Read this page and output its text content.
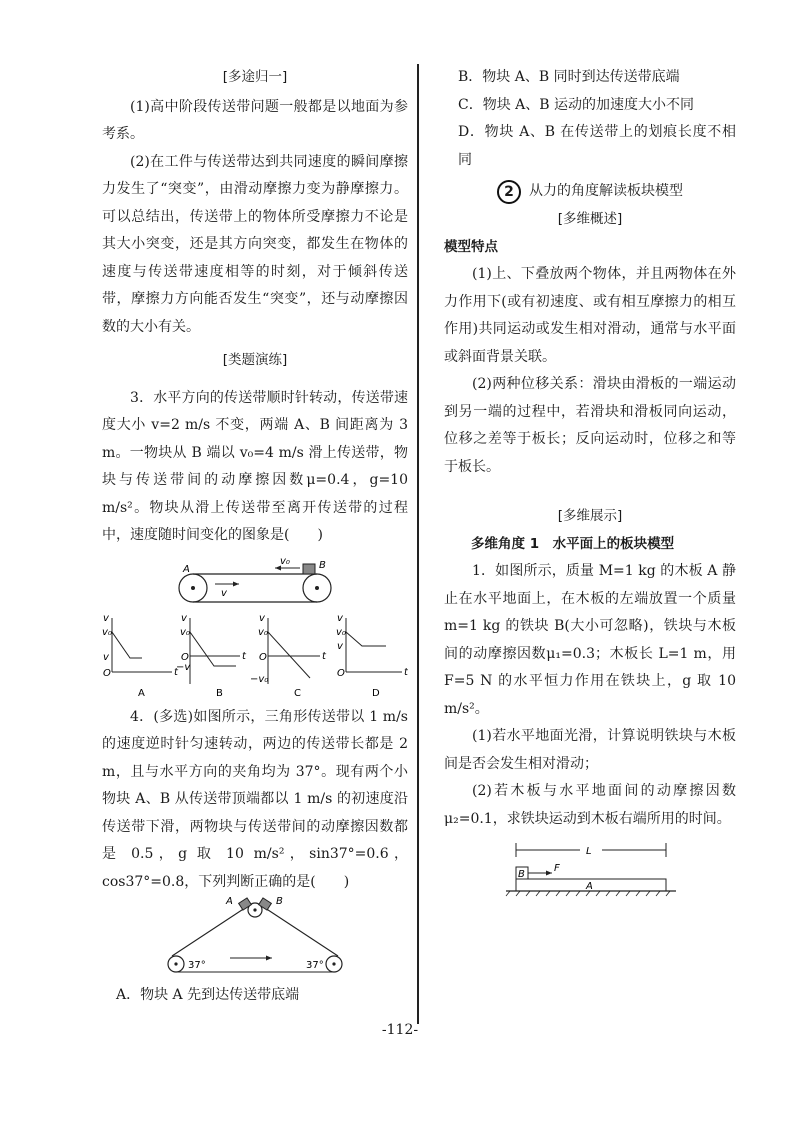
[多途归一]

(1)高中阶段传送带问题一般都是以地面为参考系。

(2)在工件与传送带达到共同速度的瞬间摩擦力发生了“突变”，由滑动摩擦力变为静摩擦力。可以总结出，传送带上的物体所受摩擦力不论是其大小突变，还是其方向突变，都发生在物体的速度与传送带速度相等的时刻，对于倾斜传送带，摩擦力方向能否发生“突变”，还与动摩擦因数的大小有关。

[类题演练]

3．水平方向的传送带顺时针转动，传送带速度大小 v=2 m/s 不变，两端 A、B 间距离为 3 m。一物块从 B 端以 v₀=4 m/s 滑上传送带，物块与传送带间的动摩擦因数μ=0.4，g=10 m/s²。物块从滑上传送带至离开传送带的过程中，速度随时间变化的图象是(　　)

A	B
v₀
v
v
t
O
v₀
v
A
v
t
O
v₀
−v
B
v
t
O
v₀
−v₀
C
v
t
O
v₀
v
D

4．(多选)如图所示，三角形传送带以 1 m/s 的速度逆时针匀速转动，两边的传送带长都是 2 m，且与水平方向的夹角均为 37°。现有两个小物块 A、B 从传送带顶端都以 1 m/s 的初速度沿传送带下滑，两物块与传送带间的动摩擦因数都是 0.5，g 取 10 m/s²，sin37°=0.6，cos37°=0.8，下列判断正确的是(　　)

A	B
37°	37°

A．物块 A 先到达传送带底端

B．物块 A、B 同时到达传送带底端

C．物块 A、B 运动的加速度大小不同

D．物块 A、B 在传送带上的划痕长度不相同

2	从力的角度解读板块模型

[多维概述]

模型特点

(1)上、下叠放两个物体，并且两物体在外力作用下(或有初速度、或有相互摩擦力的相互作用)共同运动或发生相对滑动，通常与水平面或斜面背景关联。

(2)两种位移关系：滑块由滑板的一端运动到另一端的过程中，若滑块和滑板同向运动，位移之差等于板长；反向运动时，位移之和等于板长。

[多维展示]

多维角度 1　水平面上的板块模型

1．如图所示，质量 M=1 kg 的木板 A 静止在水平地面上，在木板的左端放置一个质量 m=1 kg 的铁块 B(大小可忽略)，铁块与木板间的动摩擦因数μ₁=0.3；木板长 L=1 m，用 F=5 N 的水平恒力作用在铁块上，g 取 10 m/s²。

(1)若水平地面光滑，计算说明铁块与木板间是否会发生相对滑动；

(2)若木板与水平地面间的动摩擦因数μ₂=0.1，求铁块运动到木板右端所用的时间。

L
B
F
A
-112-
